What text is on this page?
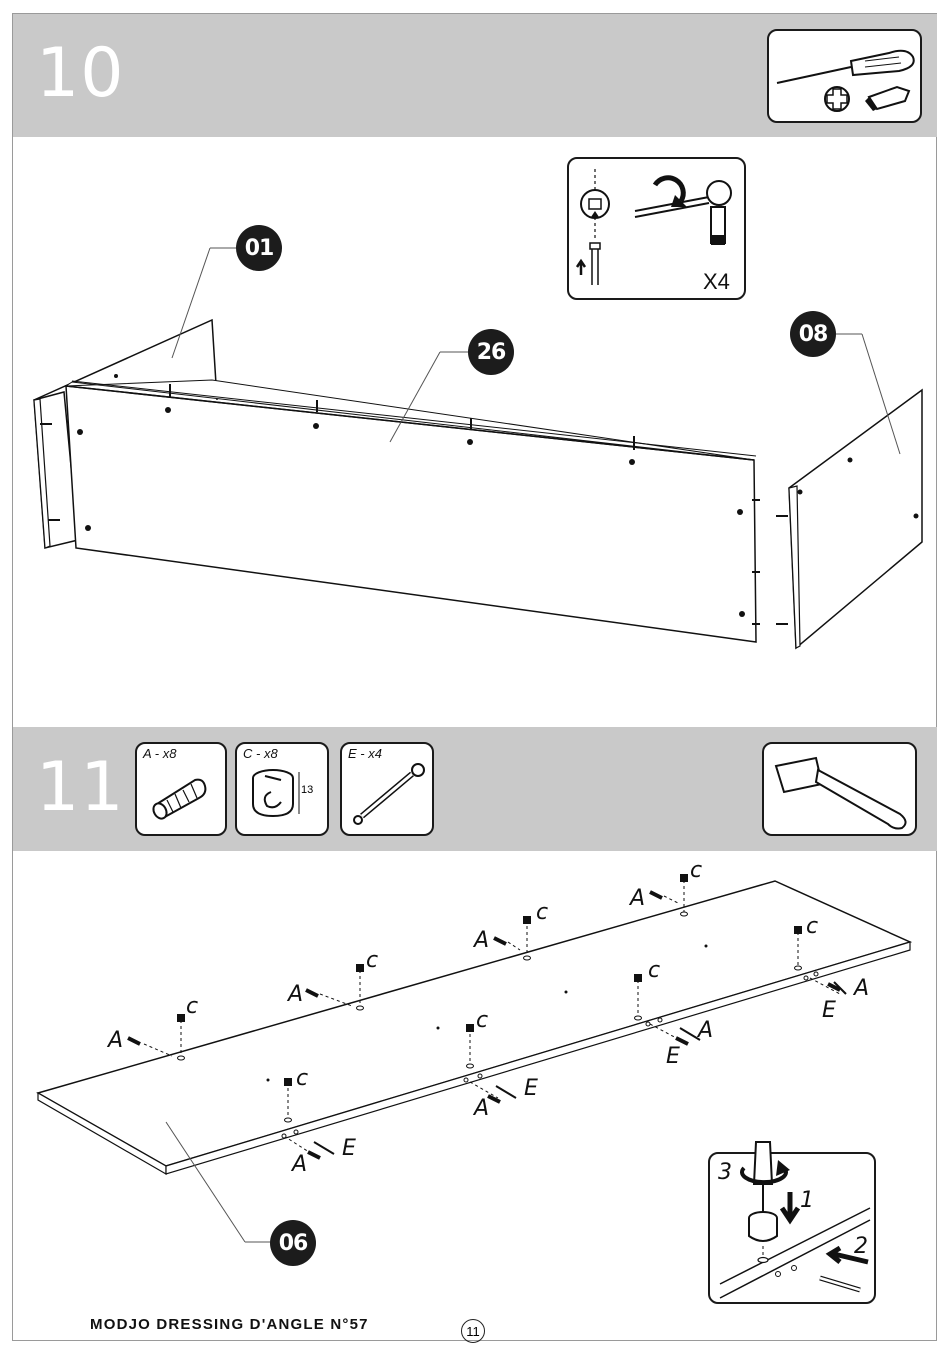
10
X4
01
26
08
11 A - x8	C - x8
13
E - x4
06
A
c	A
c
A
c
A
c
c
c
c
c
A
E
A
E
E
A
E
A	3
1
2
MODJO DRESSING D'ANGLE N°57	11
